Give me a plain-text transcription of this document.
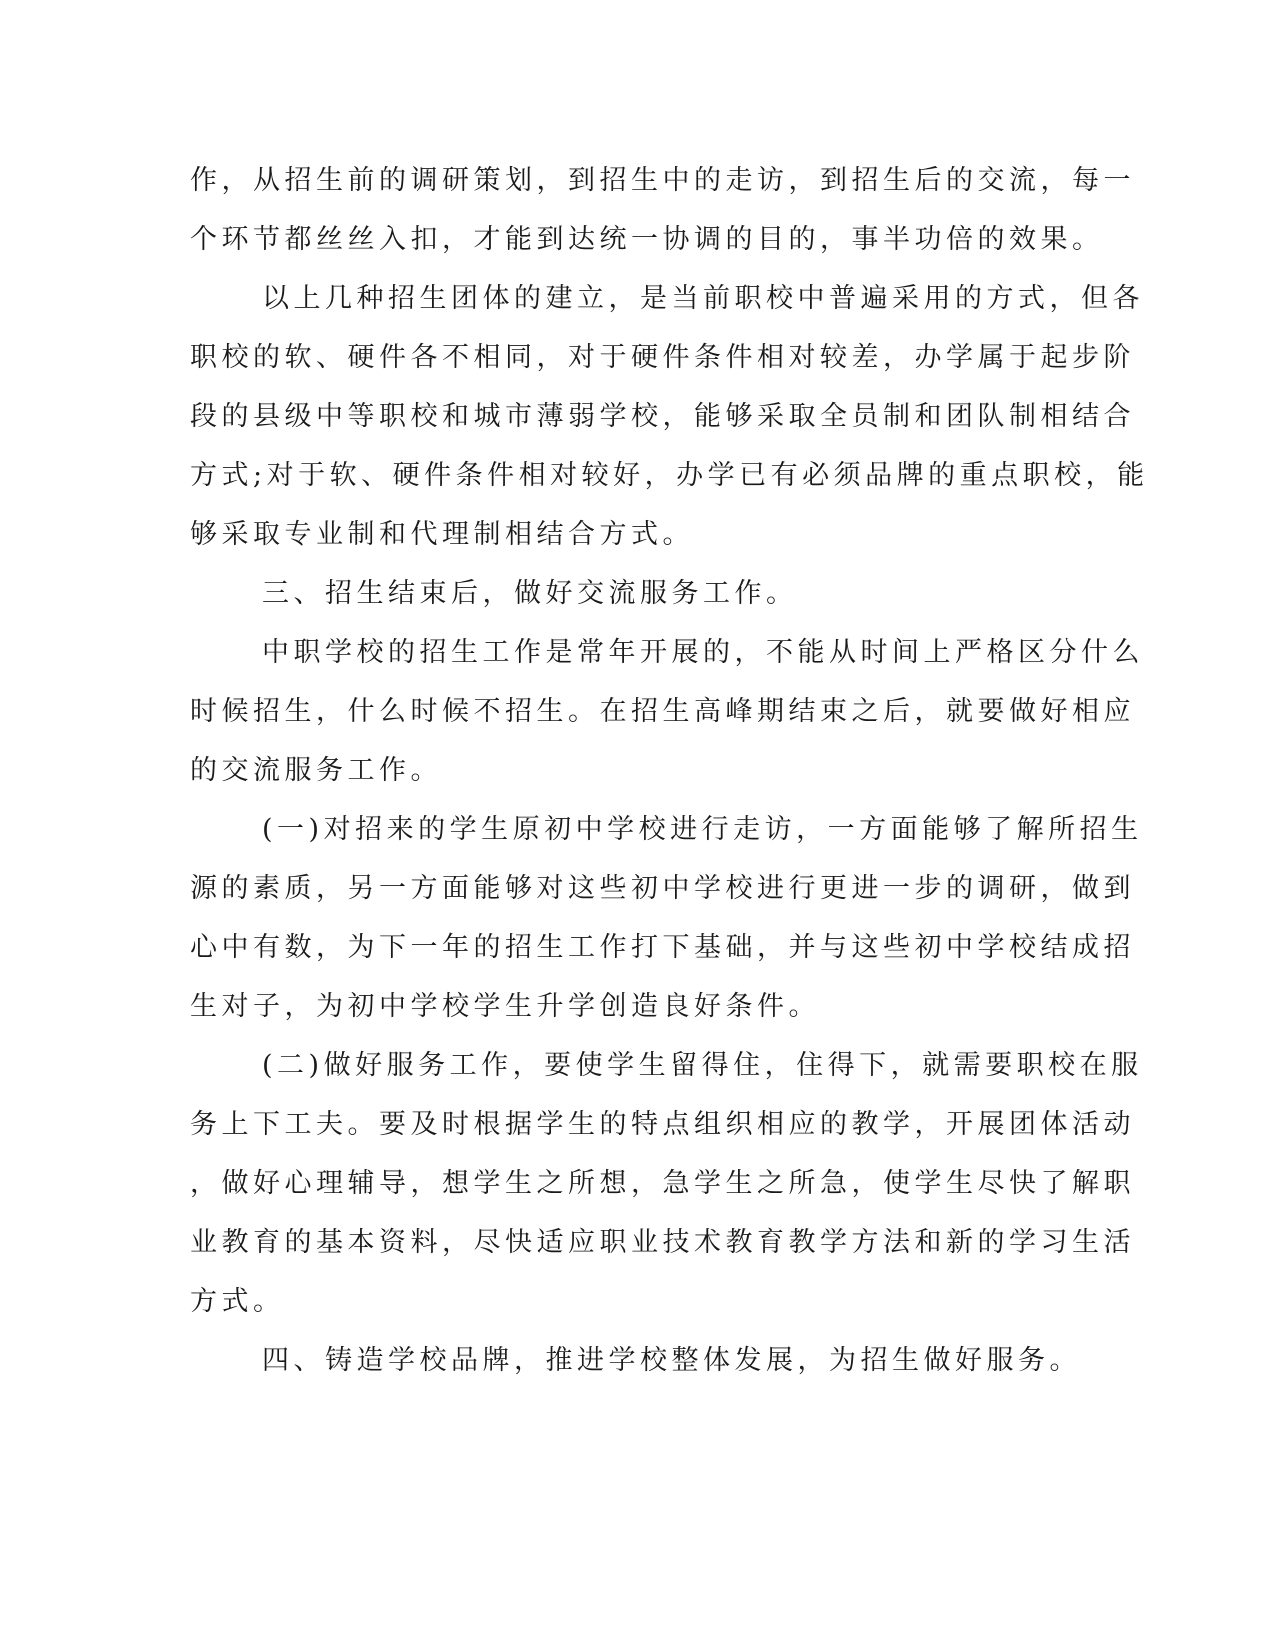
作，从招生前的调研策划，到招生中的走访，到招生后的交流，每一
个环节都丝丝入扣，才能到达统一协调的目的，事半功倍的效果。
以上几种招生团体的建立，是当前职校中普遍采用的方式，但各
职校的软、硬件各不相同，对于硬件条件相对较差，办学属于起步阶
段的县级中等职校和城市薄弱学校，能够采取全员制和团队制相结合
方式;对于软、硬件条件相对较好，办学已有必须品牌的重点职校，能
够采取专业制和代理制相结合方式。
三、招生结束后，做好交流服务工作。
中职学校的招生工作是常年开展的，不能从时间上严格区分什么
时候招生，什么时候不招生。在招生高峰期结束之后，就要做好相应
的交流服务工作。
(一)对招来的学生原初中学校进行走访，一方面能够了解所招生
源的素质，另一方面能够对这些初中学校进行更进一步的调研，做到
心中有数，为下一年的招生工作打下基础，并与这些初中学校结成招
生对子，为初中学校学生升学创造良好条件。
(二)做好服务工作，要使学生留得住，住得下，就需要职校在服
务上下工夫。要及时根据学生的特点组织相应的教学，开展团体活动
，做好心理辅导，想学生之所想，急学生之所急，使学生尽快了解职
业教育的基本资料，尽快适应职业技术教育教学方法和新的学习生活
方式。
四、铸造学校品牌，推进学校整体发展，为招生做好服务。
